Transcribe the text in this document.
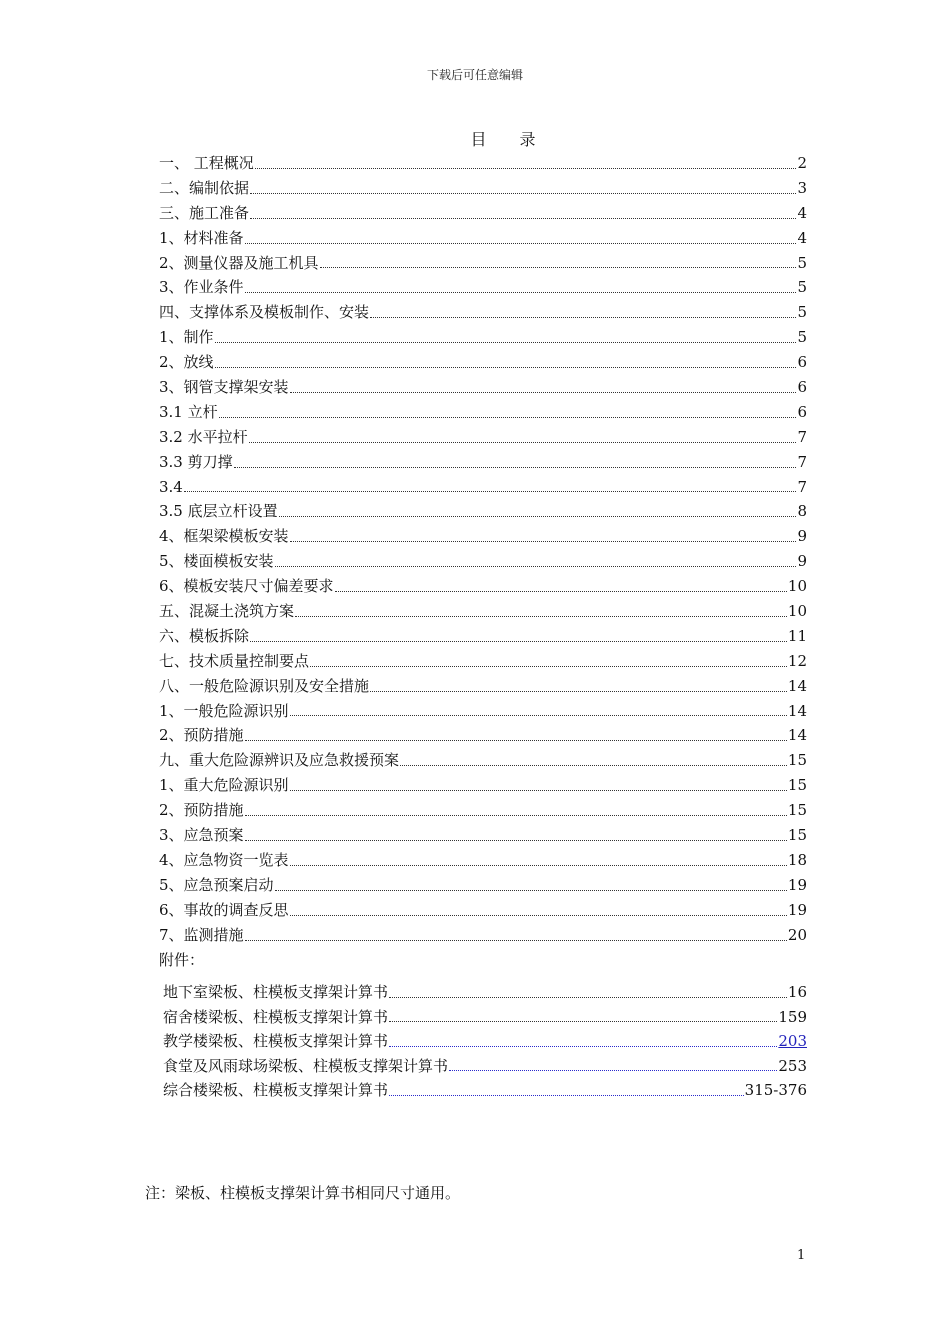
下载后可任意编辑
目 录
一、 工程概况	2
二、编制依据	3
三、施工准备	4
1、材料准备	4
2、测量仪器及施工机具	5
3、作业条件	5
四、支撑体系及模板制作、安装	5
1、制作	5
2、放线	6
3、钢管支撑架安装	6
3.1 立杆	6
3.2 水平拉杆	7
3.3 剪刀撑	7
3.4	7
3.5 底层立杆设置	8
4、框架梁模板安装	9
5、楼面模板安装	9
6、模板安装尺寸偏差要求	10
五、混凝土浇筑方案	10
六、模板拆除	11
七、技术质量控制要点	12
八、一般危险源识别及安全措施	14
1、一般危险源识别	14
2、预防措施	14
九、重大危险源辨识及应急救援预案	15
1、重大危险源识别	15
2、预防措施	15
3、应急预案	15
4、应急物资一览表	18
5、应急预案启动	19
6、事故的调查反思	19
7、监测措施	20
附件：
地下室梁板、柱模板支撑架计算书	16
宿舍楼梁板、柱模板支撑架计算书	159
教学楼梁板、柱模板支撑架计算书	203
食堂及风雨球场梁板、柱模板支撑架计算书	253
综合楼梁板、柱模板支撑架计算书	315-376
注：梁板、柱模板支撑架计算书相同尺寸通用。
1
